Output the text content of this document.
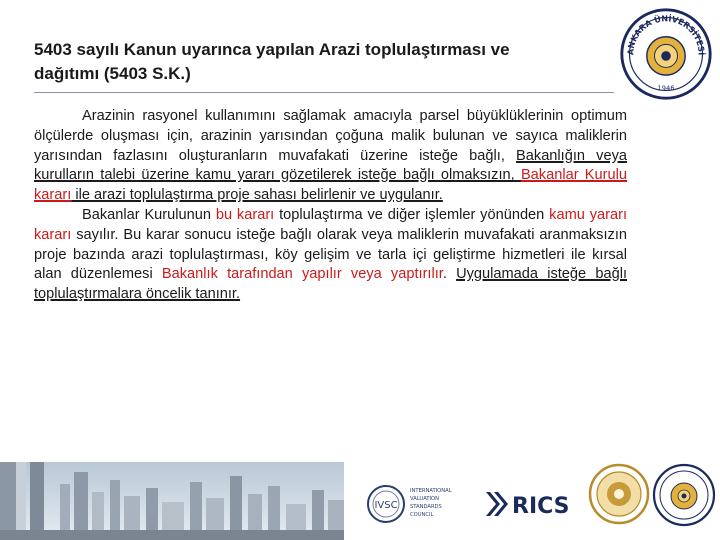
5403 sayılı Kanun uyarınca yapılan Arazi toplulaştırması ve
dağıtımı (5403 S.K.)
ANKARA ÜNİVERSİTESİ
1946

Arazinin rasyonel kullanımını sağlamak amacıyla parsel büyüklüklerinin optimum ölçülerde oluşması için, arazinin yarısından çoğuna malik bulunan ve sayıca maliklerin yarısından fazlasını oluşturanların muvafakati üzerine isteğe bağlı, Bakanlığın veya kurulların talebi üzerine kamu yararı gözetilerek isteğe bağlı olmaksızın, Bakanlar Kurulu kararı ile arazi toplulaştırma proje sahası belirlenir ve uygulanır.

Bakanlar Kurulunun bu kararı toplulaştırma ve diğer işlemler yönünden kamu yararı kararı sayılır. Bu karar sonucu isteğe bağlı olarak veya maliklerin muvafakati aranmaksızın proje bazında arazi toplulaştırması, köy gelişim ve tarla içi geliştirme hizmetleri ile kırsal alan düzenlemesi Bakanlık tarafından yapılır veya yaptırılır. Uygulamada isteğe bağlı toplulaştırmalara öncelik tanınır.

IVSC
INTERNATIONAL
VALUATION
STANDARDS
COUNCIL	RICS
